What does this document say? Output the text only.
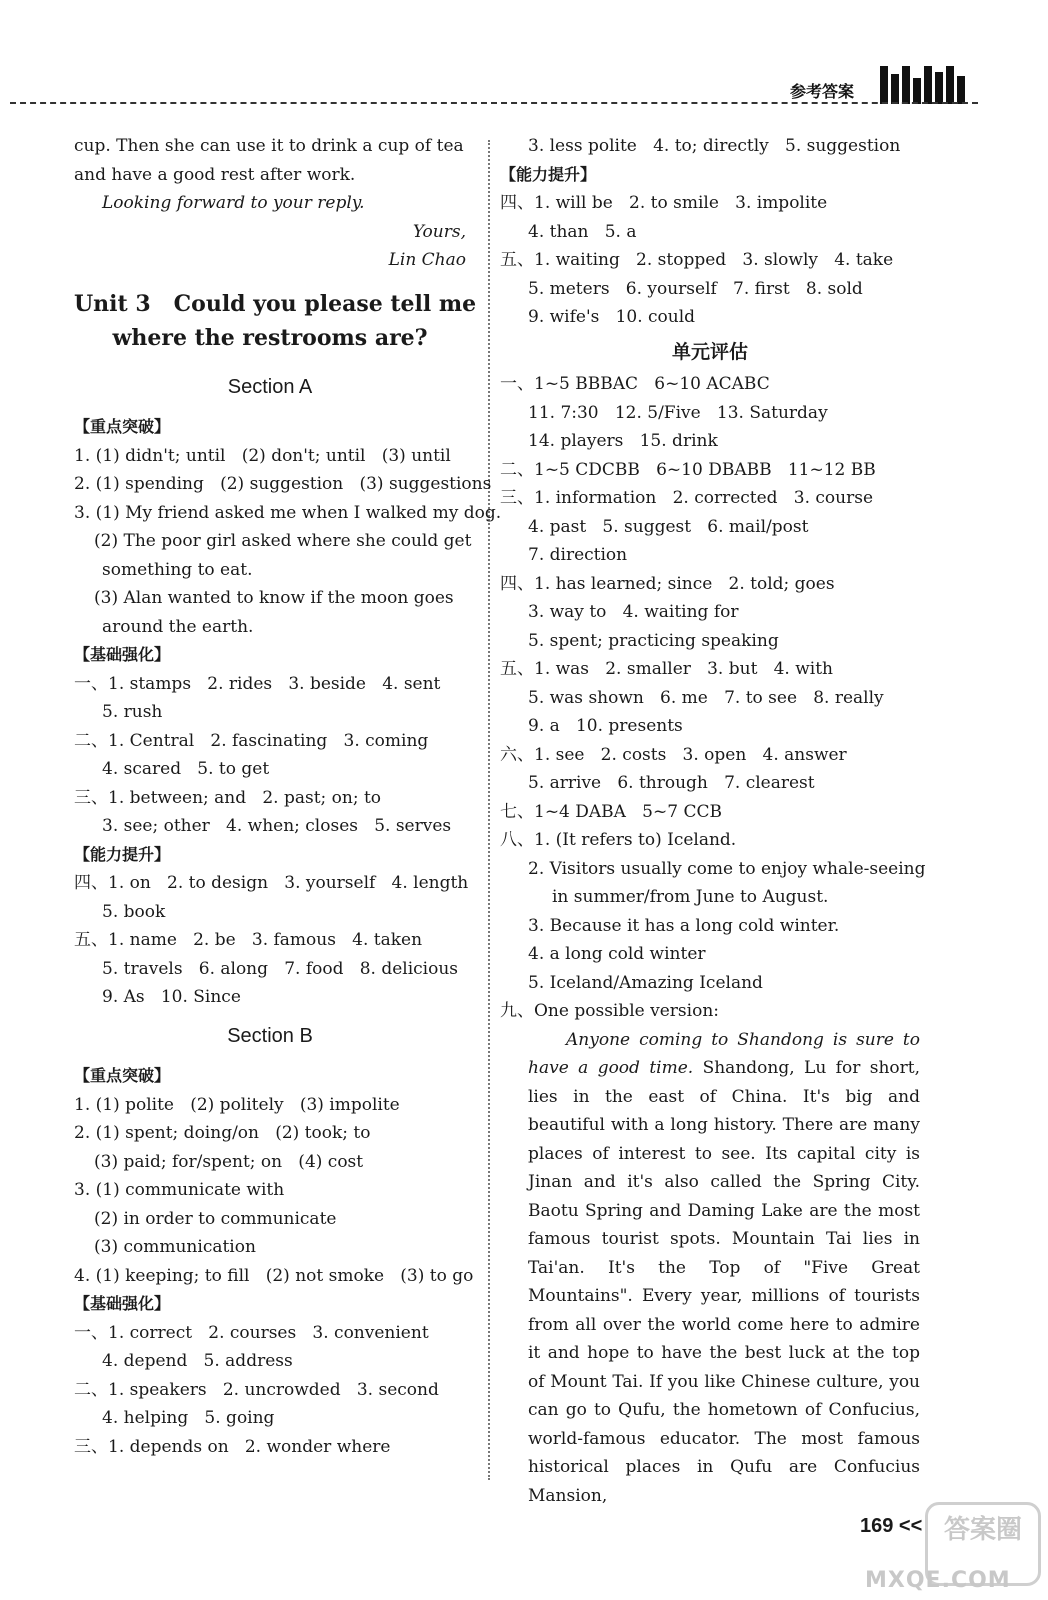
参考答案
cup. Then she can use it to drink a cup of tea
and have a good rest after work.
Looking forward to your reply.
Yours,
Lin Chao
Unit 3   Could you please tell me
where the restrooms are?
Section A
【重点突破】
1. (1) didn't; until   (2) don't; until   (3) until
2. (1) spending   (2) suggestion   (3) suggestions
3. (1) My friend asked me when I walked my dog.
(2) The poor girl asked where she could get
something to eat.
(3) Alan wanted to know if the moon goes
around the earth.
【基础强化】
一、1. stamps   2. rides   3. beside   4. sent
5. rush
二、1. Central   2. fascinating   3. coming
4. scared   5. to get
三、1. between; and   2. past; on; to
3. see; other   4. when; closes   5. serves
【能力提升】
四、1. on   2. to design   3. yourself   4. length
5. book
五、1. name   2. be   3. famous   4. taken
5. travels   6. along   7. food   8. delicious
9. As   10. Since
Section B
【重点突破】
1. (1) polite   (2) politely   (3) impolite
2. (1) spent; doing/on   (2) took; to
(3) paid; for/spent; on   (4) cost
3. (1) communicate with
(2) in order to communicate
(3) communication
4. (1) keeping; to fill   (2) not smoke   (3) to go
【基础强化】
一、1. correct   2. courses   3. convenient
4. depend   5. address
二、1. speakers   2. uncrowded   3. second
4. helping   5. going
三、1. depends on   2. wonder where
3. less polite   4. to; directly   5. suggestion
【能力提升】
四、1. will be   2. to smile   3. impolite
4. than   5. a
五、1. waiting   2. stopped   3. slowly   4. take
5. meters   6. yourself   7. first   8. sold
9. wife's   10. could
单元评估
一、1~5 BBBAC   6~10 ACABC
11. 7:30   12. 5/Five   13. Saturday
14. players   15. drink
二、1~5 CDCBB   6~10 DBABB   11~12 BB
三、1. information   2. corrected   3. course
4. past   5. suggest   6. mail/post
7. direction
四、1. has learned; since   2. told; goes
3. way to   4. waiting for
5. spent; practicing speaking
五、1. was   2. smaller   3. but   4. with
5. was shown   6. me   7. to see   8. really
9. a   10. presents
六、1. see   2. costs   3. open   4. answer
5. arrive   6. through   7. clearest
七、1~4 DABA   5~7 CCB
八、1. (It refers to) Iceland.
2. Visitors usually come to enjoy whale-seeing
in summer/from June to August.
3. Because it has a long cold winter.
4. a long cold winter
5. Iceland/Amazing Iceland
九、One possible version:
Anyone coming to Shandong is sure to have a good time. Shandong, Lu for short, lies in the east of China. It's big and beautiful with a long history. There are many places of interest to see. Its capital city is Jinan and it's also called the Spring City. Baotu Spring and Daming Lake are the most famous tourist spots. Mountain Tai lies in Tai'an. It's the Top of "Five Great Mountains". Every year, millions of tourists from all over the world come here to admire it and hope to have the best luck at the top of Mount Tai. If you like Chinese culture, you can go to Qufu, the hometown of Confucius, world-famous educator. The most famous historical places in Qufu are Confucius Mansion,
169 << 答案圈
MXQE.COM
